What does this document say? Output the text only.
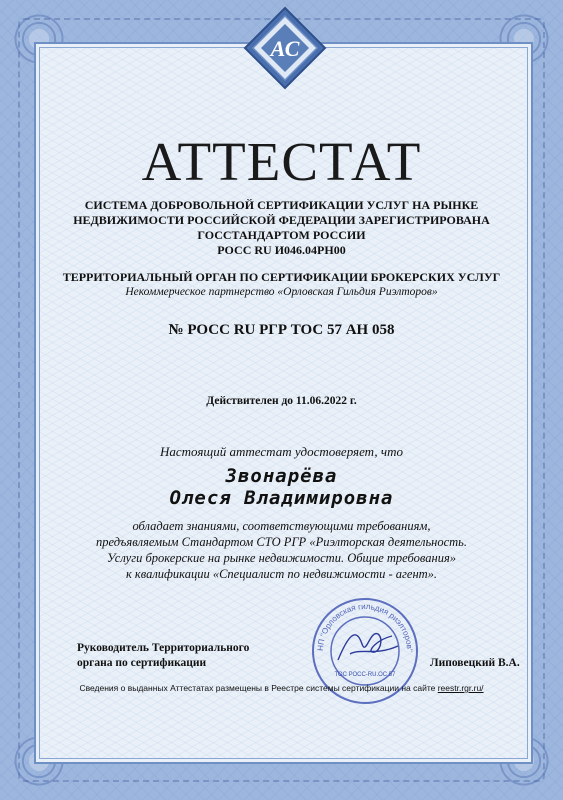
АС
АТТЕСТАТ
СИСТЕМА ДОБРОВОЛЬНОЙ СЕРТИФИКАЦИИ УСЛУГ НА РЫНКЕ
НЕДВИЖИМОСТИ РОССИЙСКОЙ ФЕДЕРАЦИИ ЗАРЕГИСТРИРОВАНА
ГОССТАНДАРТОМ РОССИИ
РОСС RU И046.04РН00
ТЕРРИТОРИАЛЬНЫЙ ОРГАН ПО СЕРТИФИКАЦИИ БРОКЕРСКИХ УСЛУГ
Некоммерческое партнерство «Орловская Гильдия Риэлторов»
№ РОСС RU РГР ТОС 57 АН 058
Действителен до 11.06.2022 г.
Настоящий аттестат удостоверяет, что
Звонарёва
Олеся Владимировна
обладает знаниями, соответствующими требованиям,
предъявляемым Стандартом СТО РГР «Риэлторская деятельность.
Услуги брокерские на рынке недвижимости. Общие требования»
к квалификации «Специалист по недвижимости - агент».
Руководитель Территориального
органа по сертификации
НП "Орловская гильдия риэлторов"
ТОС РОСС-RU.ОС 57
Липовецкий В.А.
Сведения о выданных Аттестатах размещены в Реестре системы сертификации на сайте reestr.rgr.ru/
